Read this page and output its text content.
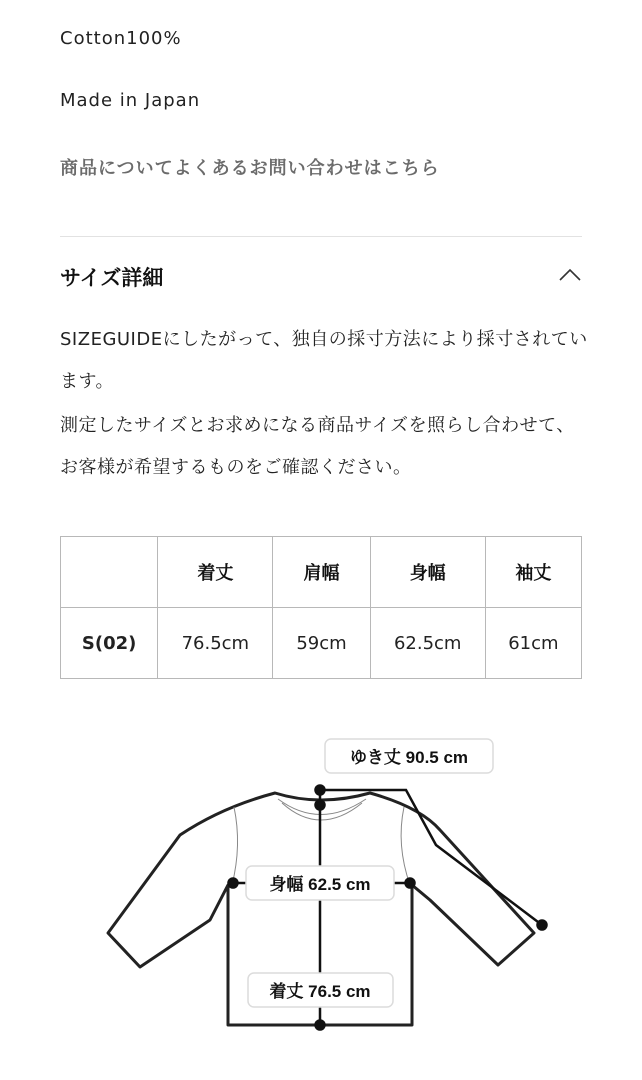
Cotton100%
Made in Japan
商品についてよくあるお問い合わせはこちら
サイズ詳細
SIZEGUIDEにしたがって、独自の採寸方法により採寸されています。
測定したサイズとお求めになる商品サイズを照らし合わせて、お客様が希望するものをご確認ください。
	着丈	肩幅	身幅	袖丈
S(02)	76.5cm	59cm	62.5cm	61cm
ゆき丈 90.5 cm
身幅 62.5 cm
着丈 76.5 cm
